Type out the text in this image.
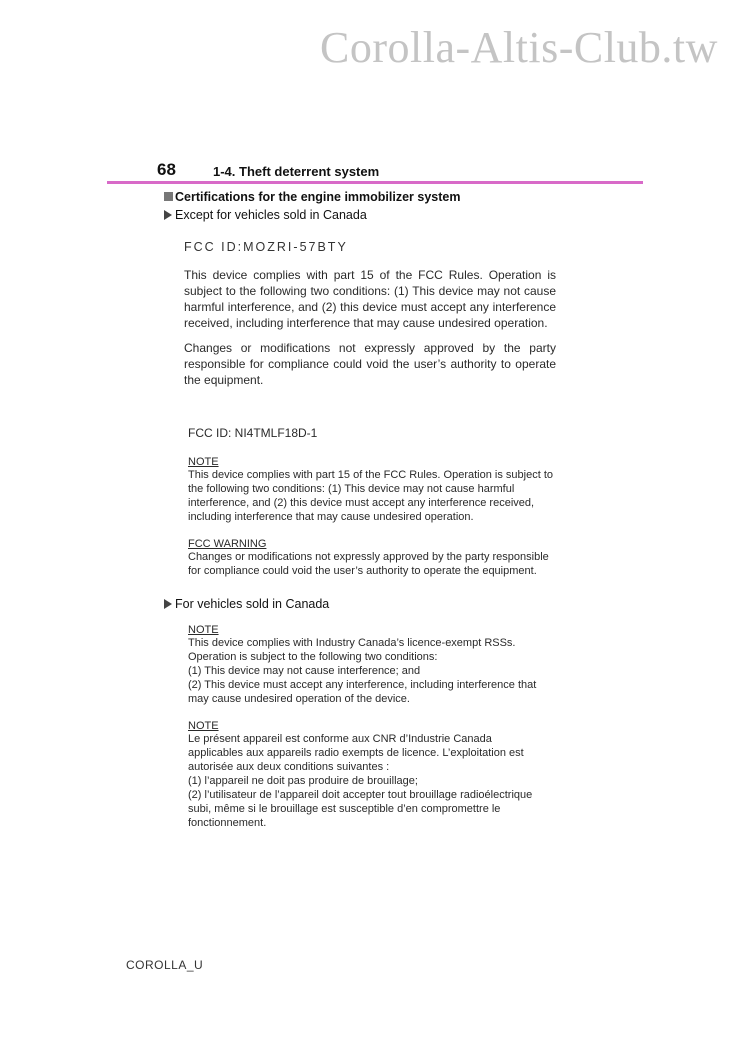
Corolla-Altis-Club.tw
68	1-4. Theft deterrent system
Certifications for the engine immobilizer system
Except for vehicles sold in Canada
FCC ID:MOZRI-57BTY
This device complies with part 15 of the FCC Rules. Operation is subject to the following two conditions: (1) This device may not cause harmful interference, and (2) this device must accept any interference received, including interference that may cause undesired operation.
Changes or modifications not expressly approved by the party responsible for compliance could void the user’s authority to operate the equipment.
FCC ID: NI4TMLF18D-1
NOTE
This device complies with part 15 of the FCC Rules. Operation is subject to the following two conditions: (1) This device may not cause harmful interference, and (2) this device must accept any interference received, including interference that may cause undesired operation.
FCC WARNING
Changes or modifications not expressly approved by the party responsible for compliance could void the user’s authority to operate the equipment.
For vehicles sold in Canada
NOTE
This device complies with Industry Canada’s licence-exempt RSSs.
Operation is subject to the following two conditions:
(1) This device may not cause interference; and
(2) This device must accept any interference, including interference that
may cause undesired operation of the device.
NOTE
Le présent appareil est conforme aux CNR d’Industrie Canada
applicables aux appareils radio exempts de licence. L’exploitation est
autorisée aux deux conditions suivantes :
(1) l’appareil ne doit pas produire de brouillage;
(2) l’utilisateur de l’appareil doit accepter tout brouillage radioélectrique
subi, même si le brouillage est susceptible d’en compromettre le
fonctionnement.
COROLLA_U
